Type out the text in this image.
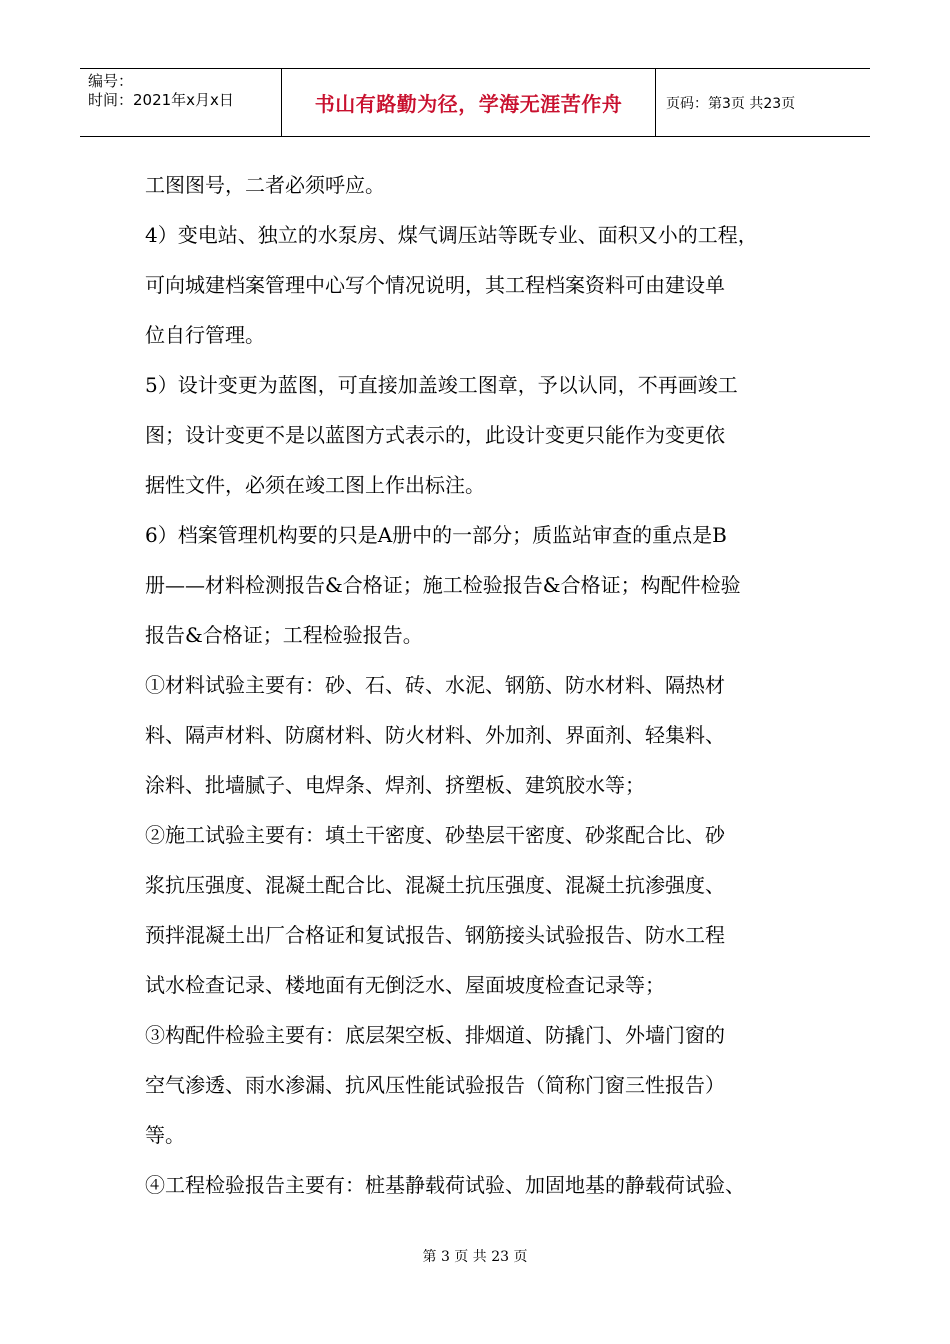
编号：
时间：2021年x月x日	书山有路勤为径，学海无涯苦作舟	页码：第3页 共23页

工图图号，二者必须呼应。

4）变电站、独立的水泵房、煤气调压站等既专业、面积又小的工程，

可向城建档案管理中心写个情况说明，其工程档案资料可由建设单

位自行管理。

5）设计变更为蓝图，可直接加盖竣工图章，予以认同，不再画竣工

图；设计变更不是以蓝图方式表示的，此设计变更只能作为变更依

据性文件，必须在竣工图上作出标注。

6）档案管理机构要的只是A册中的一部分；质监站审查的重点是B

册——材料检测报告&合格证；施工检验报告&合格证；构配件检验

报告&合格证；工程检验报告。

①材料试验主要有：砂、石、砖、水泥、钢筋、防水材料、隔热材

料、隔声材料、防腐材料、防火材料、外加剂、界面剂、轻集料、

涂料、批墙腻子、电焊条、焊剂、挤塑板、建筑胶水等；

②施工试验主要有：填土干密度、砂垫层干密度、砂浆配合比、砂

浆抗压强度、混凝土配合比、混凝土抗压强度、混凝土抗渗强度、

预拌混凝土出厂合格证和复试报告、钢筋接头试验报告、防水工程

试水检查记录、楼地面有无倒泛水、屋面坡度检查记录等；

③构配件检验主要有：底层架空板、排烟道、防撬门、外墙门窗的

空气渗透、雨水渗漏、抗风压性能试验报告（简称门窗三性报告）

等。

④工程检验报告主要有：桩基静载荷试验、加固地基的静载荷试验、

第 3 页 共 23 页
